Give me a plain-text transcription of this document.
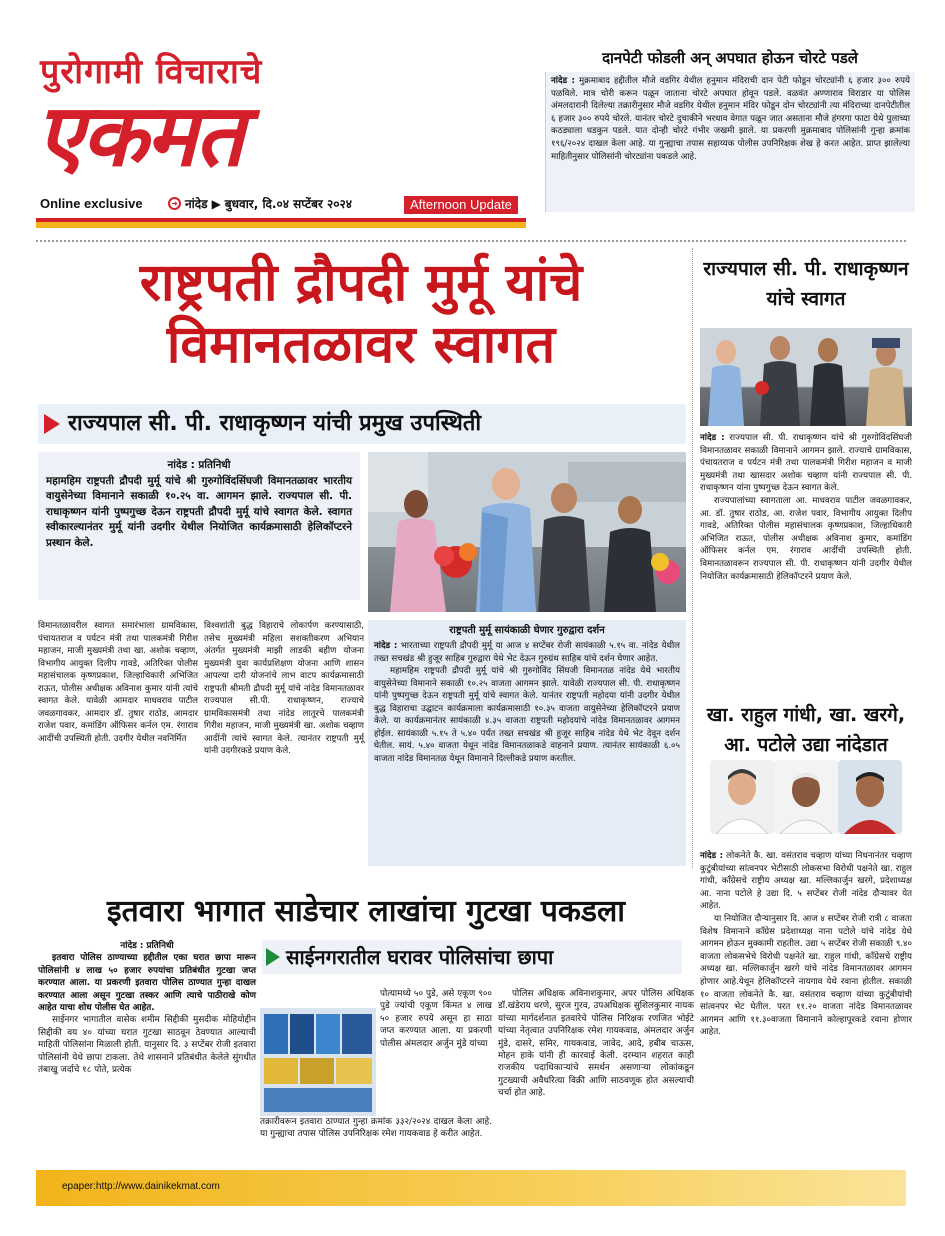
पुरोगामी विचाराचे
एकमत
Online exclusive	➜ नांदेड ▶ बुधवार, दि.०४ सप्टेंबर २०२४	Afternoon Update
दानपेटी फोडली अन् अपघात होऊन चोरटे पडले
नांदेड : मुक्रमाबाद हद्दीतील मौजे वडगिर येथील हनुमान मंदिराची दान पेटी फोडून चोरट्यांनी ६ हजार ३०० रुपये पळविले. मात्र चोरी करून पळून जाताना चोरटे अपघात होवून पडले. वळवंत अण्णाराव विराडार या पोलिस अंमलदारानी दिलेल्या तक्रारीनुसार मौजे वडगिर येथील हनुमान मंदिर फोडून दोन चोरट्यांनी त्या मंदिराच्या दानपेटीतील ६ हजार ३०० रुपये चोरले. यानंतर चोरटे दुचाकीने भरधाव वेगात पळून जात असताना मौजे हंगरगा फाटा येथे पुलाच्या कठड्याला धडकुन पडले. यात दोन्ही चोरटे गंभीर जखमी झाले. या प्रकरणी मुक्रमाबाद पोलिसांनी गुन्हा क्रमांक १९६/२०२४ दाखल केला आहे. या गुन्ह्याचा तपास सहाय्यक पोलीस उपनिरिक्षक शेख हे करत आहेत. प्राप्त झालेल्या माहितीनुसार पोलिसांनी चोरट्यांना पकडले आहे.
राष्ट्रपती द्रौपदी मुर्मू यांचे विमानतळावर स्वागत
राज्यपाल सी. पी. राधाकृष्णन यांची प्रमुख उपस्थिती
नांदेड : प्रतिनिधी
महामहिम राष्ट्रपती द्रौपदी मुर्मू यांचे श्री गुरुगोविंदसिंघजी विमानतळावर भारतीय वायुसेनेच्या विमानाने सकाळी १०.२५ वा. आगमन झाले. राज्यपाल सी. पी. राधाकृष्णन यांनी पुष्पगुच्छ देऊन राष्ट्रपती द्रौपदी मुर्मू यांचे स्वागत केले. स्वागत स्वीकारल्यानंतर मुर्मू यांनी उदगीर येथील नियोजित कार्यक्रमासाठी हेलिकॉप्टरने प्रस्थान केले.
विमानतळावरील स्वागत समारंभाला ग्रामविकास, पंचायतराज व पर्यटन मंत्री तथा पालकमंत्री गिरीश महाजन, माजी मुख्यमंत्री तथा खा. अशोक चव्हाण, विभागीय आयुक्त दिलीप गावडे, अतिरिक्त पोलीस महासंचालक कृष्णप्रकाश, जिल्हाधिकारी अभिजित राऊत, पोलीस अधीक्षक अविनाश कुमार यांनी त्यांचे स्वागत केले. यावेळी आमदार माधवराव पाटील जवळगावकर, आमदार डॉ. तुषार राठोड, आमदार राजेश पवार, कमांडिंग ऑफिसर कर्नल एम. रंगाराव आदींची उपस्थिती होती. उदगीर येथील नवनिर्मित
विश्वशांती बुद्ध विहाराचे लोकार्पण करण्यासाठी, तसेच मुख्यमंत्री महिला सशक्तीकरण अभियान अंतर्गत मुख्यमंत्री माझी लाडकी बहीण योजना मुख्यमंत्री युवा कार्यप्रशिक्षण योजना आणि शासन आपल्या दारी योजनांचे लाभ वाटप कार्यक्रमासाठी राष्ट्रपती श्रीमती द्रौपदी मुर्मू यांचे नांदेड विमानतळावर राज्यपाल सी.पी. राधाकृष्णन, राज्याचे ग्रामविकासमंत्री तथा नांदेड लातूरचे पालकमंत्री गिरीश महाजन, माजी मुख्यमंत्री खा. अशोक चव्हाण आदींनी त्यांचे स्वागत केले. त्यानंतर राष्ट्रपती मुर्मू यांनी उदगीरकडे प्रयाण केले.
राष्ट्रपती मुर्मू सायंकाळी घेणार गुरुद्वारा दर्शन
नांदेड : भारताच्या राष्ट्रपती द्रौपदी मुर्मू या आज ४ सप्टेंबर रोजी सायंकाळी ५.१५ वा. नांदेड येथील तख्त सचखंड श्री हुजूर साहिब गुरुद्वारा येथे भेट देऊन गुरुग्रंथ साहिब यांचे दर्शन घेणार आहेत.
महामहिम राष्ट्रपती द्रौपदी मुर्मू यांचे श्री गुरुगोविंद सिंघजी विमानतळ नांदेड येथे भारतीय वायुसेनेच्या विमानाने सकाळी १०.२५ वाजता आगमन झाले. यावेळी राज्यपाल सी. पी. राधाकृष्णन यांनी पुष्पगुच्छ देऊन राष्ट्रपती मुर्मू यांचे स्वागत केले. यानंतर राष्ट्रपती महोदया यांनी उदगीर येथील बुद्ध विहाराचा उद्घाटन कार्यक्रमाला कार्यक्रमासाठी १०.३५ वाजता वायुसेनेच्या हेलिकॉप्टरने प्रयाण केले. या कार्यक्रमानंतर सायंकाळी ४.३५ वाजता राष्ट्रपती महोदयांचे नांदेड विमानतळावर आगमन होईल. सायंकाळी ५.१५ ते ५.४० पर्यंत तख्त सचखंड श्री हुजूर साहिब नांदेड येथे भेट देवून दर्शन घेतील. सायं. ५.४० वाजता येथून नांदेड विमानतळाकडे वाहनाने प्रयाण. त्यानंतर सायंकाळी ६.०५ वाजता नांदेड विमानतळ येथून विमानाने दिल्लीकडे प्रयाण करतील.
राज्यपाल सी. पी. राधाकृष्णन यांचे स्वागत

नांदेड : राज्यपाल सी. पी. राधाकृष्णन यांचे श्री गुरुगोविंदसिंघजी विमानतळावर सकाळी विमानाने आगमन झाले. राज्याचे ग्रामविकास, पंचायतराज व पर्यटन मंत्री तथा पालकमंत्री गिरीश महाजन व माजी मुख्यमंत्री तथा खासदार अशोक चव्हाण यांनी राज्यपाल सी. पी. राधाकृष्णन यांना पुष्पगुच्छ देऊन स्वागत केले.

राज्यपालांच्या स्वागताला आ. माधवराव पाटील जवळगावकर, आ. डॉ. तुषार राठोड, आ. राजेश पवार, विभागीय आयुक्त दिलीप गावडे, अतिरिक्त पोलीस महासंचालक कृष्णप्रकाश, जिल्हाधिकारी अभिजित राऊत, पोलीस अधीक्षक अविनाश कुमार, कमांडिंग ऑफिसर कर्नल एम. रंगाराव आदींची उपस्थिती होती. विमानतळावरून राज्यपाल सी. पी. राधाकृष्णन यांनी उदगीर येथील नियोजित कार्यक्रमासाठी हेलिकॉप्टरने प्रयाण केले.

खा. राहुल गांधी, खा. खरगे, आ. पटोले उद्या नांदेडात

नांदेड : लोकनेते कै. खा. वसंतराव चव्हाण यांच्या निधनानंतर चव्हाण कुटुंबीयांच्या सांत्वनपर भेटीसाठी लोकसभा विरोधी पक्षनेते खा. राहुल गांधी, काँग्रेसचे राष्ट्रीय अध्यक्ष खा. मल्लिकार्जुन खरगे, प्रदेशाध्यक्ष आ. नाना पटोले हे उद्या दि. ५ सप्टेंबर रोजी नांदेड दौऱ्यावर येत आहेत.

या नियोजित दौऱ्यानुसार दि. आज ४ सप्टेंबर रोजी रात्री ८ वाजता विशेष विमानाने काँग्रेस प्रदेशाध्यक्ष नाना पटोले यांचे नांदेड येथे आगमन होऊन मुक्कामी राहतील. उद्या ५ सप्टेंबर रोजी सकाळी ९.४० वाजता लोकसभेचे विरोधी पक्षनेते खा. राहुल गांधी, काँग्रेसचे राष्ट्रीय अध्यक्ष खा. मल्लिकार्जुन खरगे यांचे नांदेड विमानतळावर आगमन होणार आहे.येथून हेलिकॉप्टरने नायगाव येथे रवाना होतील. सकाळी १० वाजता लोकनेते कै. खा. वसंतराव चव्हाण यांच्या कुटुंबीयांची सांत्वनपर भेट घेतील. परत ११.२० वाजता नांदेड विमानतळावर आगमन आणि ११.३०वाजता विमानाने कोल्हापूरकडे रवाना होणार आहेत.

इतवारा भागात साडेचार लाखांचा गुटखा पकडला
साईनगरातील घरावर पोलिसांचा छापा

नांदेड : प्रतिनिधी

इतवारा पोलिस ठाण्याच्या हद्दीतील एका घरात छापा मारून पोलिसांनी ४ लाख ५० हजार रुपयांचा प्रतिबंधीत गुटखा जप्त करण्यात आला. या प्रकरणी इतवारा पोलिस ठाण्यात गुन्हा दाखल करण्यात आला असून गुटखा तस्कर आणि त्याचे पाठीराखे कोण आहेत याचा शोध पोलीस घेत आहेत.

साईनगर भागातील वासेक शमीम सिद्दीकी मुसदीक मोहियोद्दीन सिद्दीकी वय ४० यांच्या घरात गुटखा साठवून ठेवण्यात आल्याची माहिती पोलिसांना मिळाली होती. यानुसार दि. ३ सप्टेंबर रोजी इतवारा पोलिसांनी येथे छापा टाकला. तेथे शासनाने प्रतिबंधीत केलेले सुंगधीत तंबाखु जर्दाचे १८ पोते, प्रत्येक

पोत्यामध्ये ५० पुडे, असे एकूण ९०० पुडे ज्यांची एकूण किंमत ४ लाख ५० हजार रुपये असून हा साठा जप्त करण्यात आला. या प्रकरणी पोलीस अंमलदार अर्जुन मुंडे यांच्या
तक्रारीवरून इतवारा ठाण्यात गुन्हा क्रमांक ३३२/२०२४ दाखल केला आहे. या गुन्ह्याचा तपास पोलिस उपनिरिक्षक रमेश गायकवाड हे करीत आहेत.
पोलिस अधिक्षक अविनाशकुमार, अपर पोलिस अधिक्षक डॉ.खंडेराय धरणे, सुरज गुरव, उपअधिक्षक सुशिलकुमार नायक यांच्या मार्गदर्शनात इतवारेचे पोलिस निरिक्षक रणजित भोईटे यांच्या नेतृत्वात उपनिरिक्षक रमेश गायकवाड, अंमलदार अर्जुन मुंडे, दासरे, समिर, गायकवाड, जावेद, आदे, हबीब चाऊस, मोहन हाके यांनी ही कारवाई केली. दरम्यान शहरात काही राजकीय पदाधिकाऱ्यांचे समर्थन असणाऱ्या लोकांकडून गुटख्याची अवैधरित्या विक्री आणि साठवणूक होत असल्याची चर्चा होत आहे.
epaper:http://www.dainikekmat.com
